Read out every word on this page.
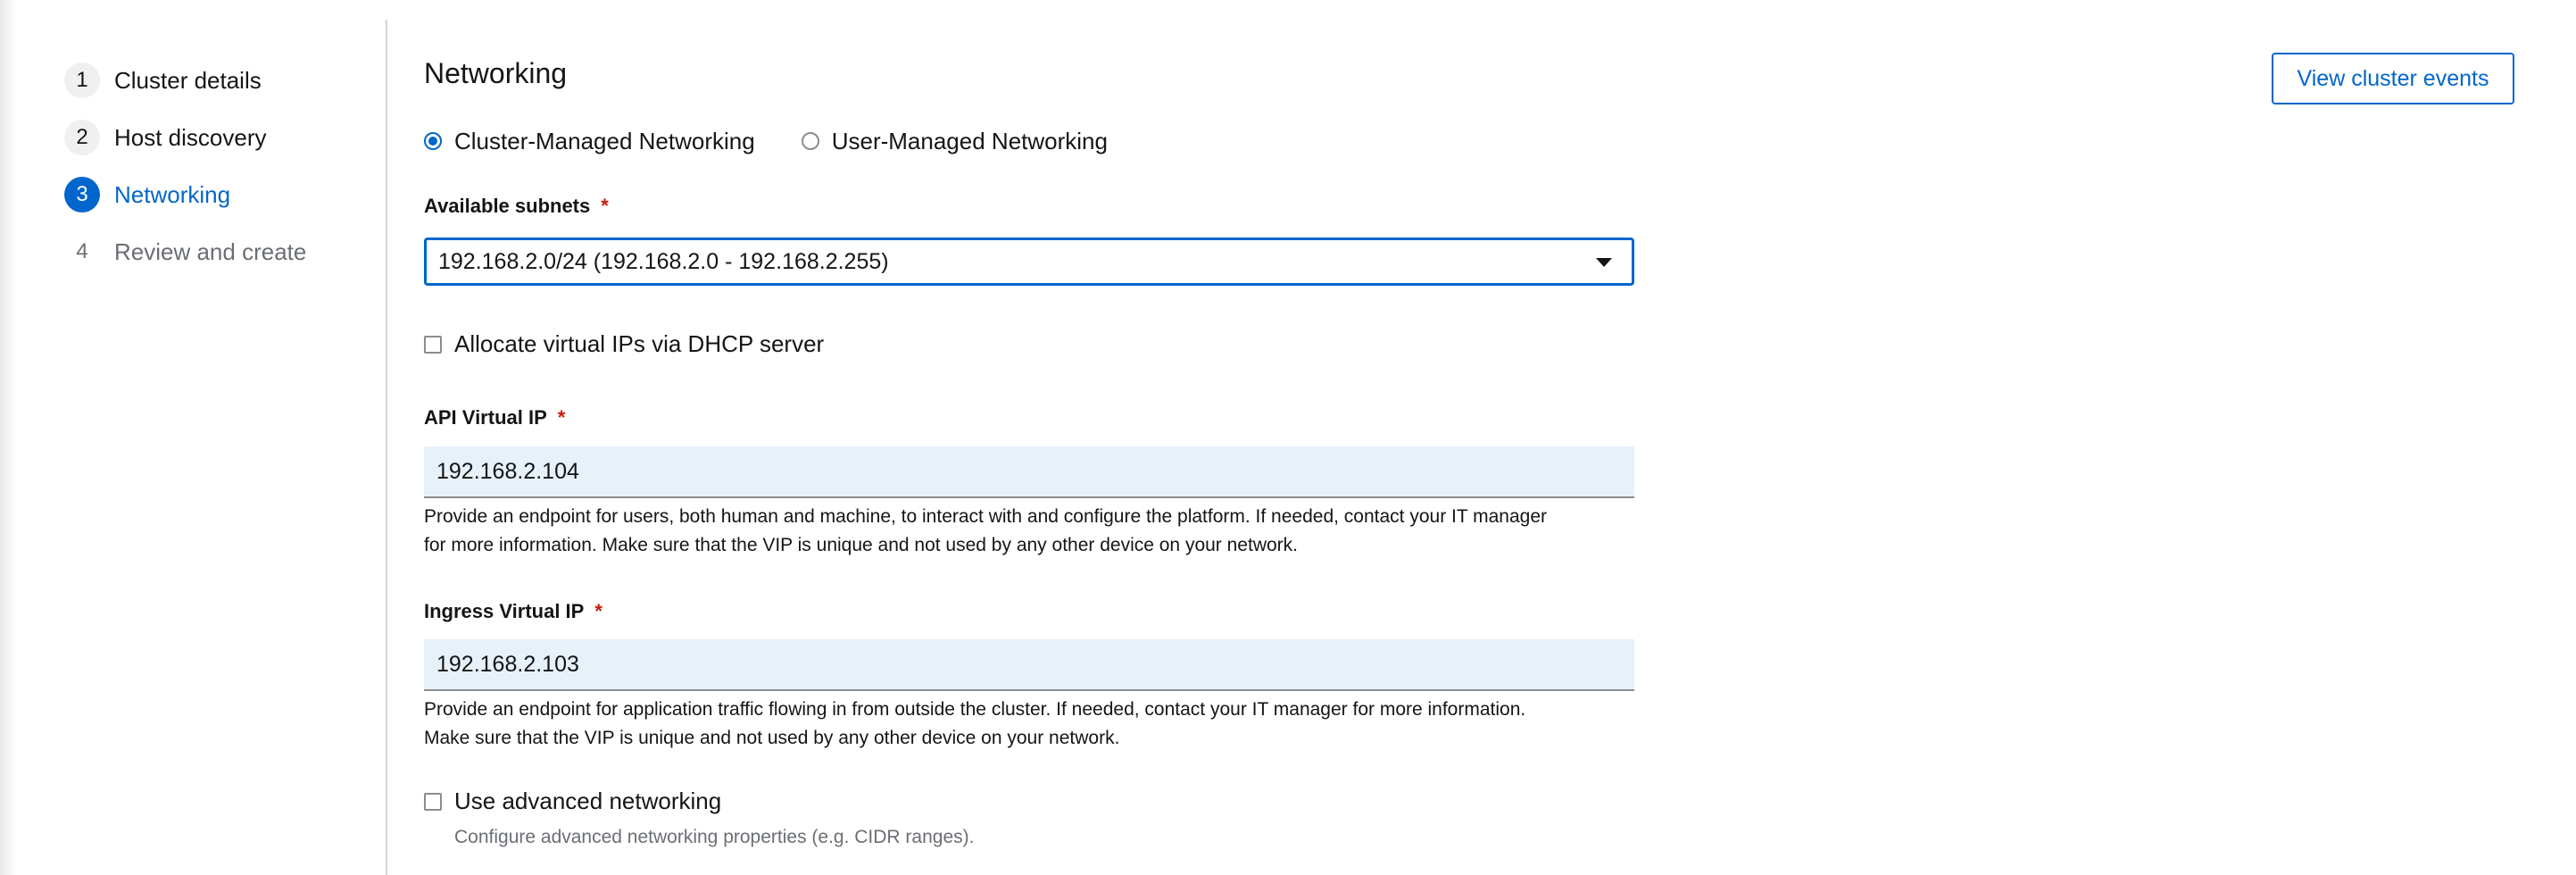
1	Cluster details
2	Host discovery
3	Networking
4	Review and create
Networking	View cluster events
Cluster-Managed Networking	User-Managed Networking
Available subnets *
192.168.2.0/24 (192.168.2.0 - 192.168.2.255)
Allocate virtual IPs via DHCP server
API Virtual IP *
192.168.2.104
Provide an endpoint for users, both human and machine, to interact with and configure the platform. If needed, contact your IT manager
for more information. Make sure that the VIP is unique and not used by any other device on your network.
Ingress Virtual IP *
192.168.2.103
Provide an endpoint for application traffic flowing in from outside the cluster. If needed, contact your IT manager for more information.
Make sure that the VIP is unique and not used by any other device on your network.
Use advanced networking
Configure advanced networking properties (e.g. CIDR ranges).
